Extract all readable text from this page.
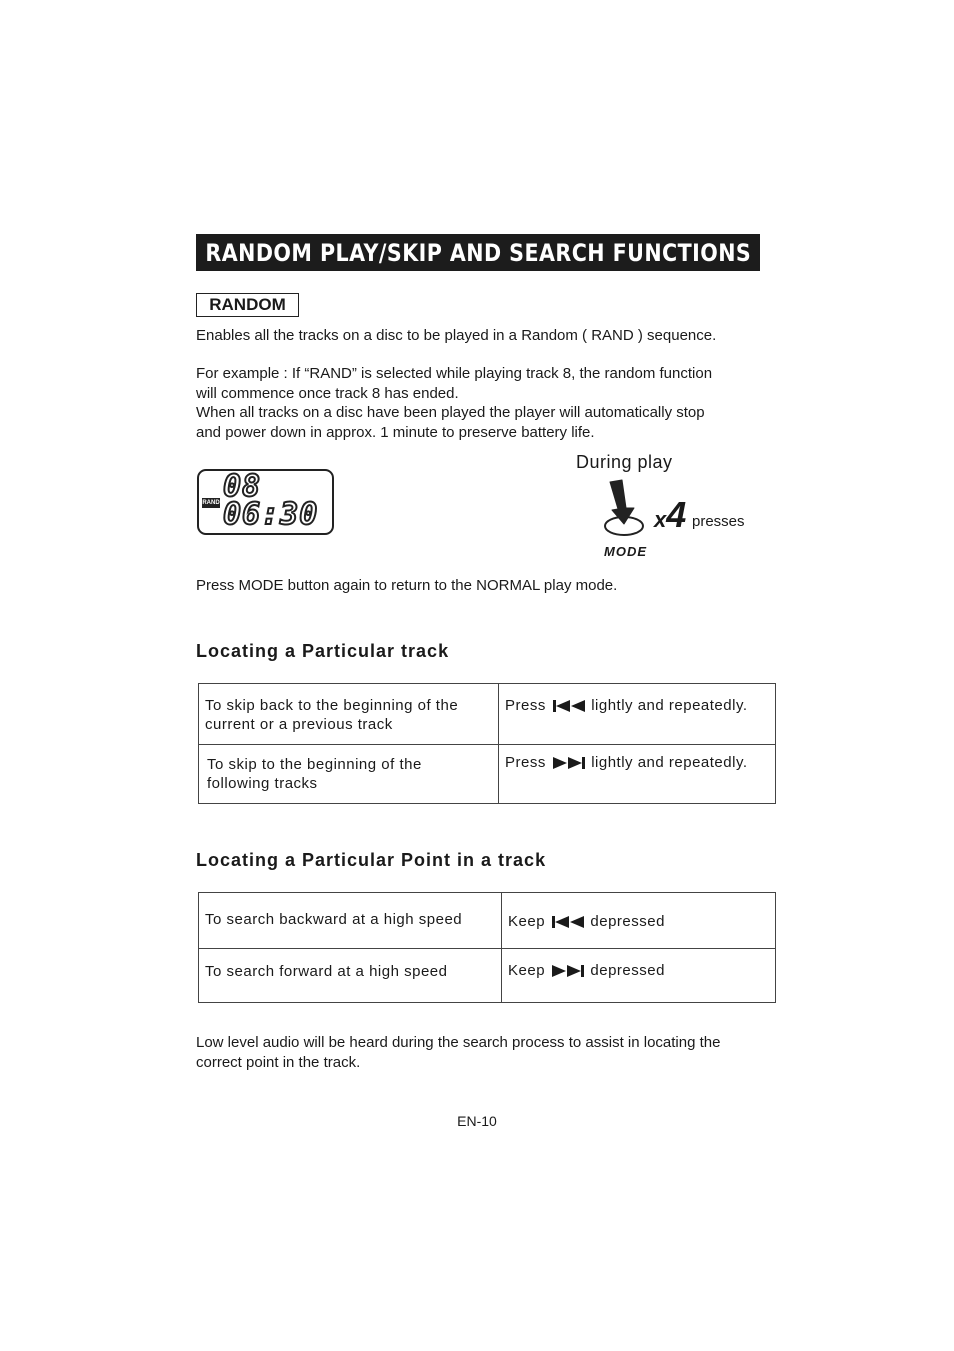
RANDOM PLAY/SKIP AND SEARCH FUNCTIONS
RANDOM
Enables all the tracks on a disc to be played in a Random ( RAND ) sequence.
For example : If “RAND” is selected while playing track 8, the random function
will commence once track 8 has ended.
When all tracks on a disc have been played the player will automatically stop
and power down in approx. 1 minute to preserve battery life.
RAND 08
06:30
During play
x4 presses
MODE
Press MODE button again to return to the NORMAL play mode.
Locating a Particular track
To skip back to the beginning of the
current or a previous track	Press lightly and repeatedly.

To skip to the beginning of the
following tracks	Press lightly and repeatedly.
Locating a Particular Point in a track
To search backward at a high speed	Keep depressed
To search forward at a high speed	Keep depressed
Low level audio will be heard during the search process to assist in locating the
correct point in the track.
EN-10
